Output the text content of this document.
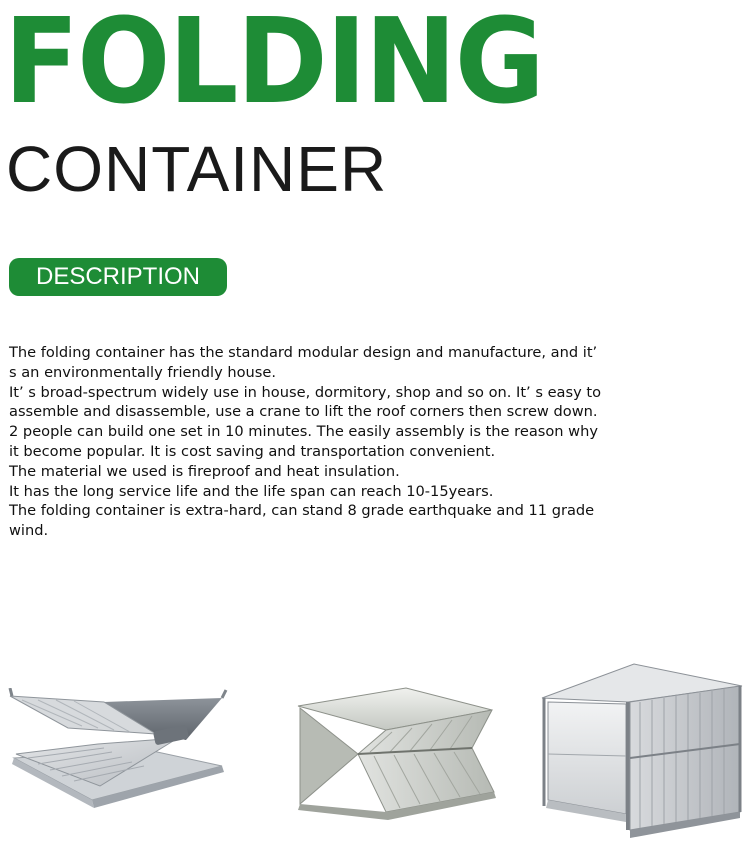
FOLDING
CONTAINER
DESCRIPTION

The folding container has the standard modular design and manufacture, and it’ s an environmentally friendly house.

It’ s broad-spectrum widely use in house, dormitory, shop and so on. It’ s easy to assemble and disassemble, use a crane to lift the roof corners then screw down. 2 people can build one set in 10 minutes. The easily assembly is the reason why it become popular. It is cost saving and transportation convenient.

The material we used is fireproof and heat insulation.

It has the long service life and the life span can reach 10-15years.

The folding container is extra-hard, can stand 8 grade earthquake and 11 grade wind.
